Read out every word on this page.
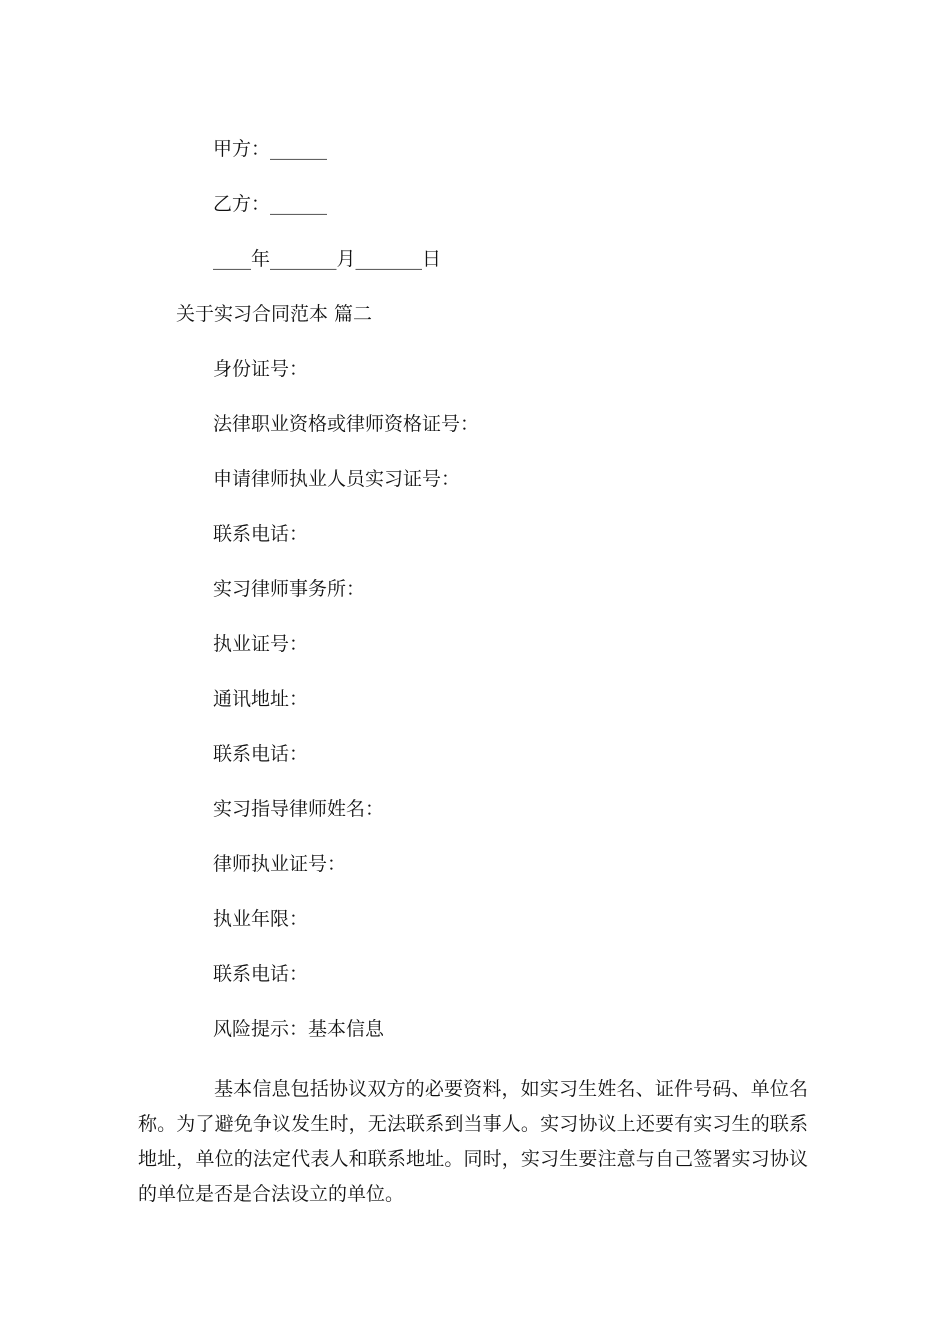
甲方：______
乙方：______
____年_______月_______日
关于实习合同范本 篇二
身份证号：
法律职业资格或律师资格证号：
申请律师执业人员实习证号：
联系电话：
实习律师事务所：
执业证号：
通讯地址：
联系电话：
实习指导律师姓名：
律师执业证号：
执业年限：
联系电话：
风险提示：基本信息
基本信息包括协议双方的必要资料，如实习生姓名、证件号码、单位名称。为了避免争议发生时，无法联系到当事人。实习协议上还要有实习生的联系地址，单位的法定代表人和联系地址。同时，实习生要注意与自己签署实习协议的单位是否是合法设立的单位。
